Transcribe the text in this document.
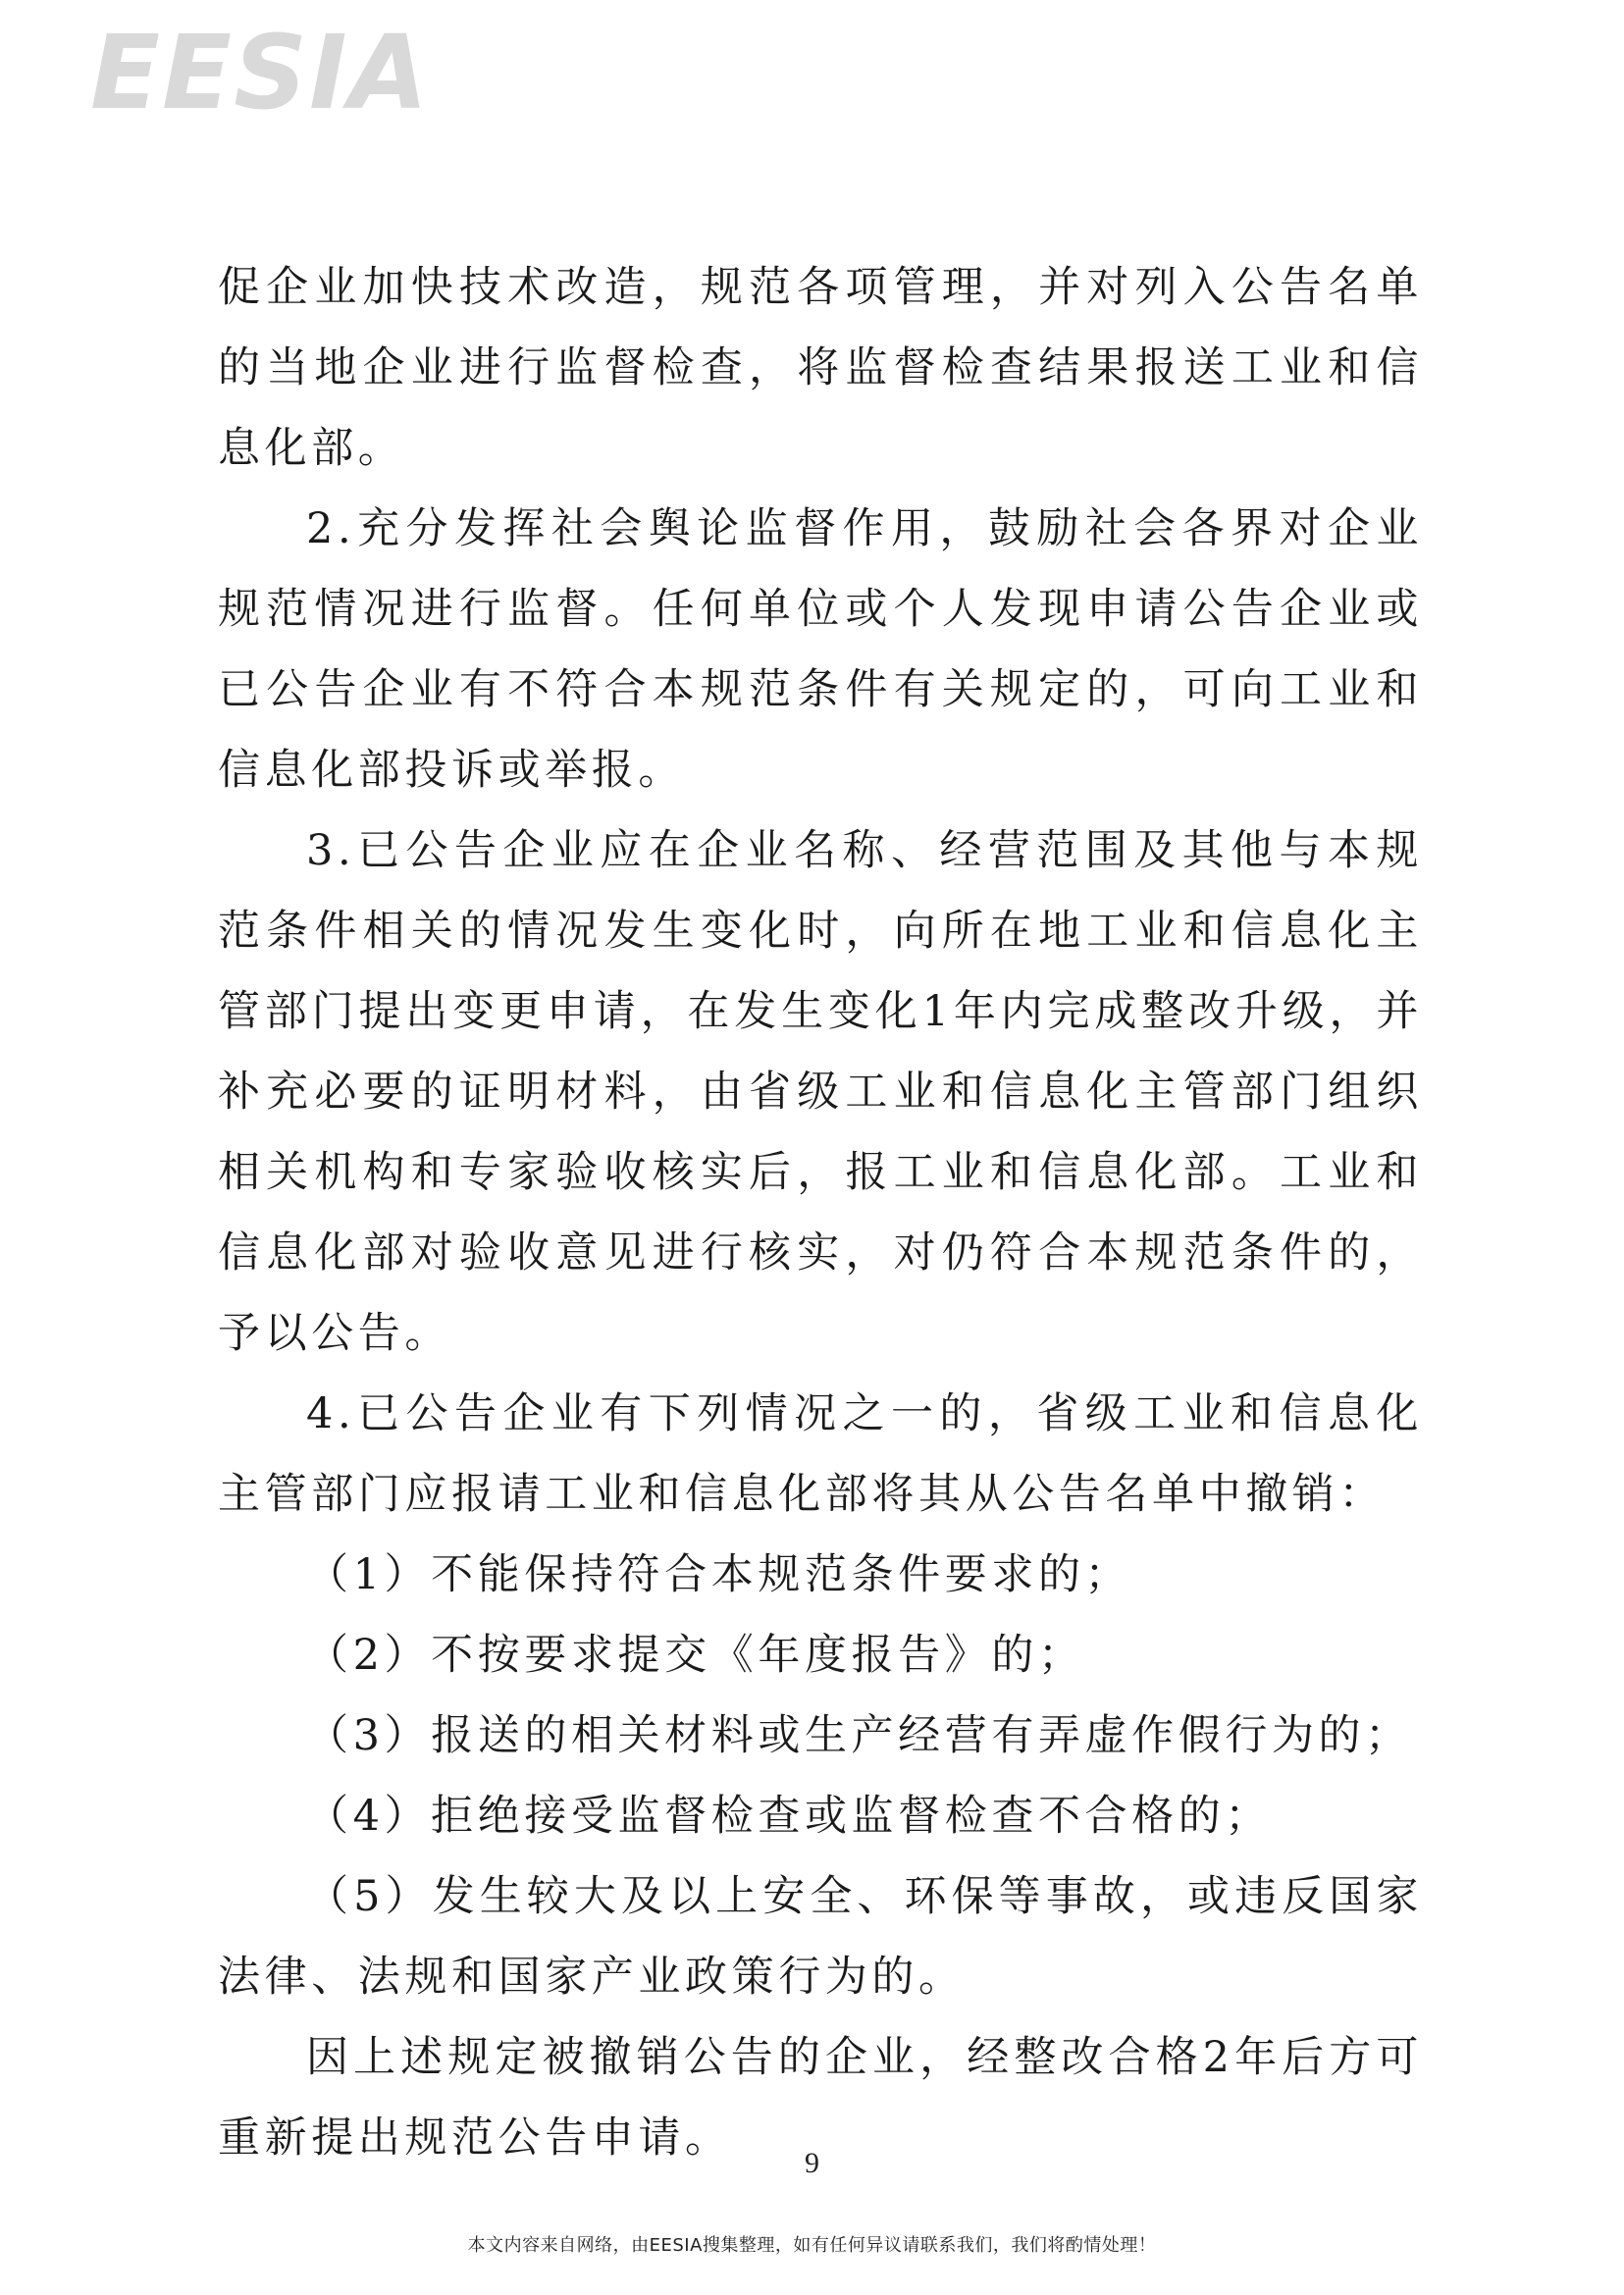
EESIA

促企业加快技术改造，规范各项管理，并对列入公告名单的当地企业进行监督检查，将监督检查结果报送工业和信息化部。

2.充分发挥社会舆论监督作用，鼓励社会各界对企业规范情况进行监督。任何单位或个人发现申请公告企业或已公告企业有不符合本规范条件有关规定的，可向工业和信息化部投诉或举报。

3.已公告企业应在企业名称、经营范围及其他与本规范条件相关的情况发生变化时，向所在地工业和信息化主管部门提出变更申请，在发生变化1年内完成整改升级，并补充必要的证明材料，由省级工业和信息化主管部门组织相关机构和专家验收核实后，报工业和信息化部。工业和信息化部对验收意见进行核实，对仍符合本规范条件的，予以公告。

4.已公告企业有下列情况之一的，省级工业和信息化主管部门应报请工业和信息化部将其从公告名单中撤销：

（1）不能保持符合本规范条件要求的；

（2）不按要求提交《年度报告》的；

（3）报送的相关材料或生产经营有弄虚作假行为的；

（4）拒绝接受监督检查或监督检查不合格的；

（5）发生较大及以上安全、环保等事故，或违反国家法律、法规和国家产业政策行为的。

因上述规定被撤销公告的企业，经整改合格2年后方可重新提出规范公告申请。

9
本文内容来自网络，由EESIA搜集整理，如有任何异议请联系我们，我们将酌情处理！
